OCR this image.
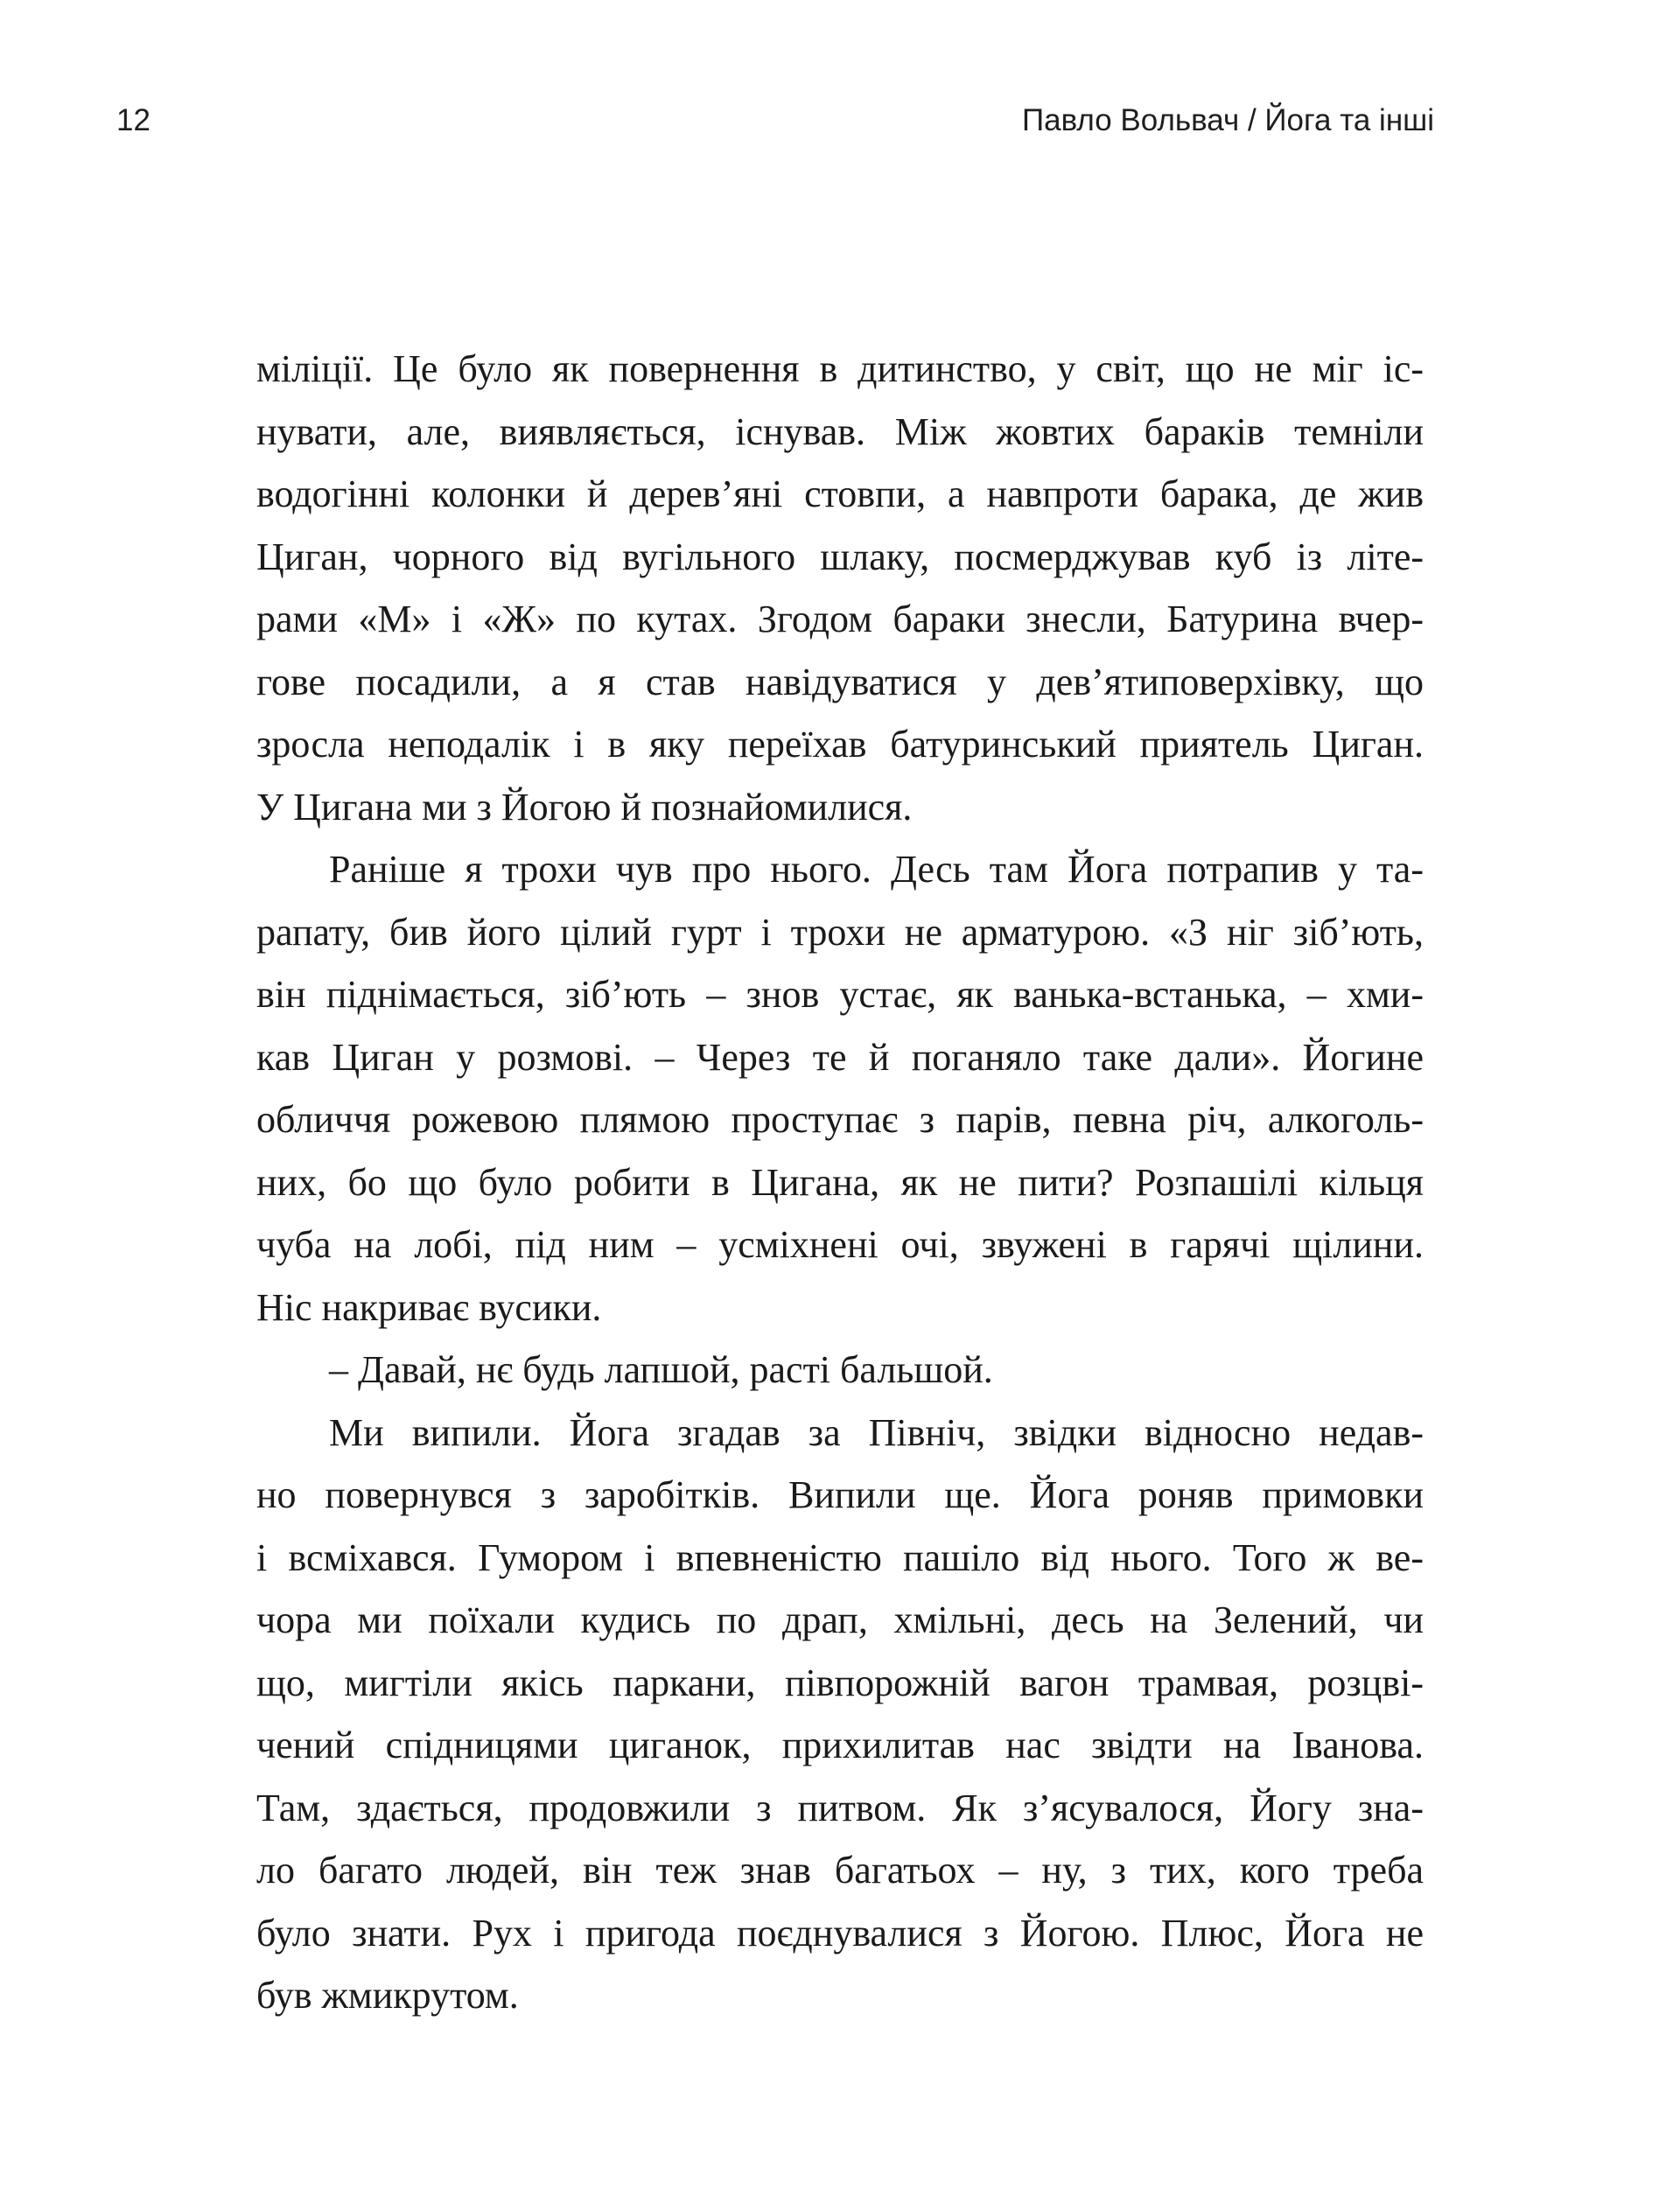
12	Павло Вольвач / Йога та інші
міліції. Це було як повернення в дитинство, у світ, що не міг іс-
нувати, але, виявляється, існував. Між жовтих бараків темніли
водогінні колонки й дерев’яні стовпи, а навпроти барака, де жив
Циган, чорного від вугільного шлаку, посмерджував куб із літе-
рами «М» і «Ж» по кутах. Згодом бараки знесли, Батурина вчер-
гове посадили, а я став навідуватися у дев’ятиповерхівку, що
зросла неподалік і в яку переїхав батуринський приятель Циган.
У Цигана ми з Йогою й познайомилися.
Раніше я трохи чув про нього. Десь там Йога потрапив у та-
рапату, бив його цілий гурт і трохи не арматурою. «З ніг зіб’ють,
він піднімається, зіб’ють – знов устає, як ванька-встанька, – хми-
кав Циган у розмові. – Через те й поганяло таке дали». Йогине
обличчя рожевою плямою проступає з парів, певна річ, алкоголь-
них, бо що було робити в Цигана, як не пити? Розпашілі кільця
чуба на лобі, під ним – усміхнені очі, звужені в гарячі щілини.
Ніс накриває вусики.
– Давай, нє будь лапшой, расті бальшой.
Ми випили. Йога згадав за Північ, звідки відносно недав-
но повернувся з заробітків. Випили ще. Йога роняв примовки
і всміхався. Гумором і впевненістю пашіло від нього. Того ж ве-
чора ми поїхали кудись по драп, хмільні, десь на Зелений, чи
що, мигтіли якісь паркани, півпорожній вагон трамвая, розцві-
чений спідницями циганок, прихилитав нас звідти на Іванова.
Там, здається, продовжили з питвом. Як з’ясувалося, Йогу зна-
ло багато людей, він теж знав багатьох – ну, з тих, кого треба
було знати. Рух і пригода поєднувалися з Йогою. Плюс, Йога не
був жмикрутом.
